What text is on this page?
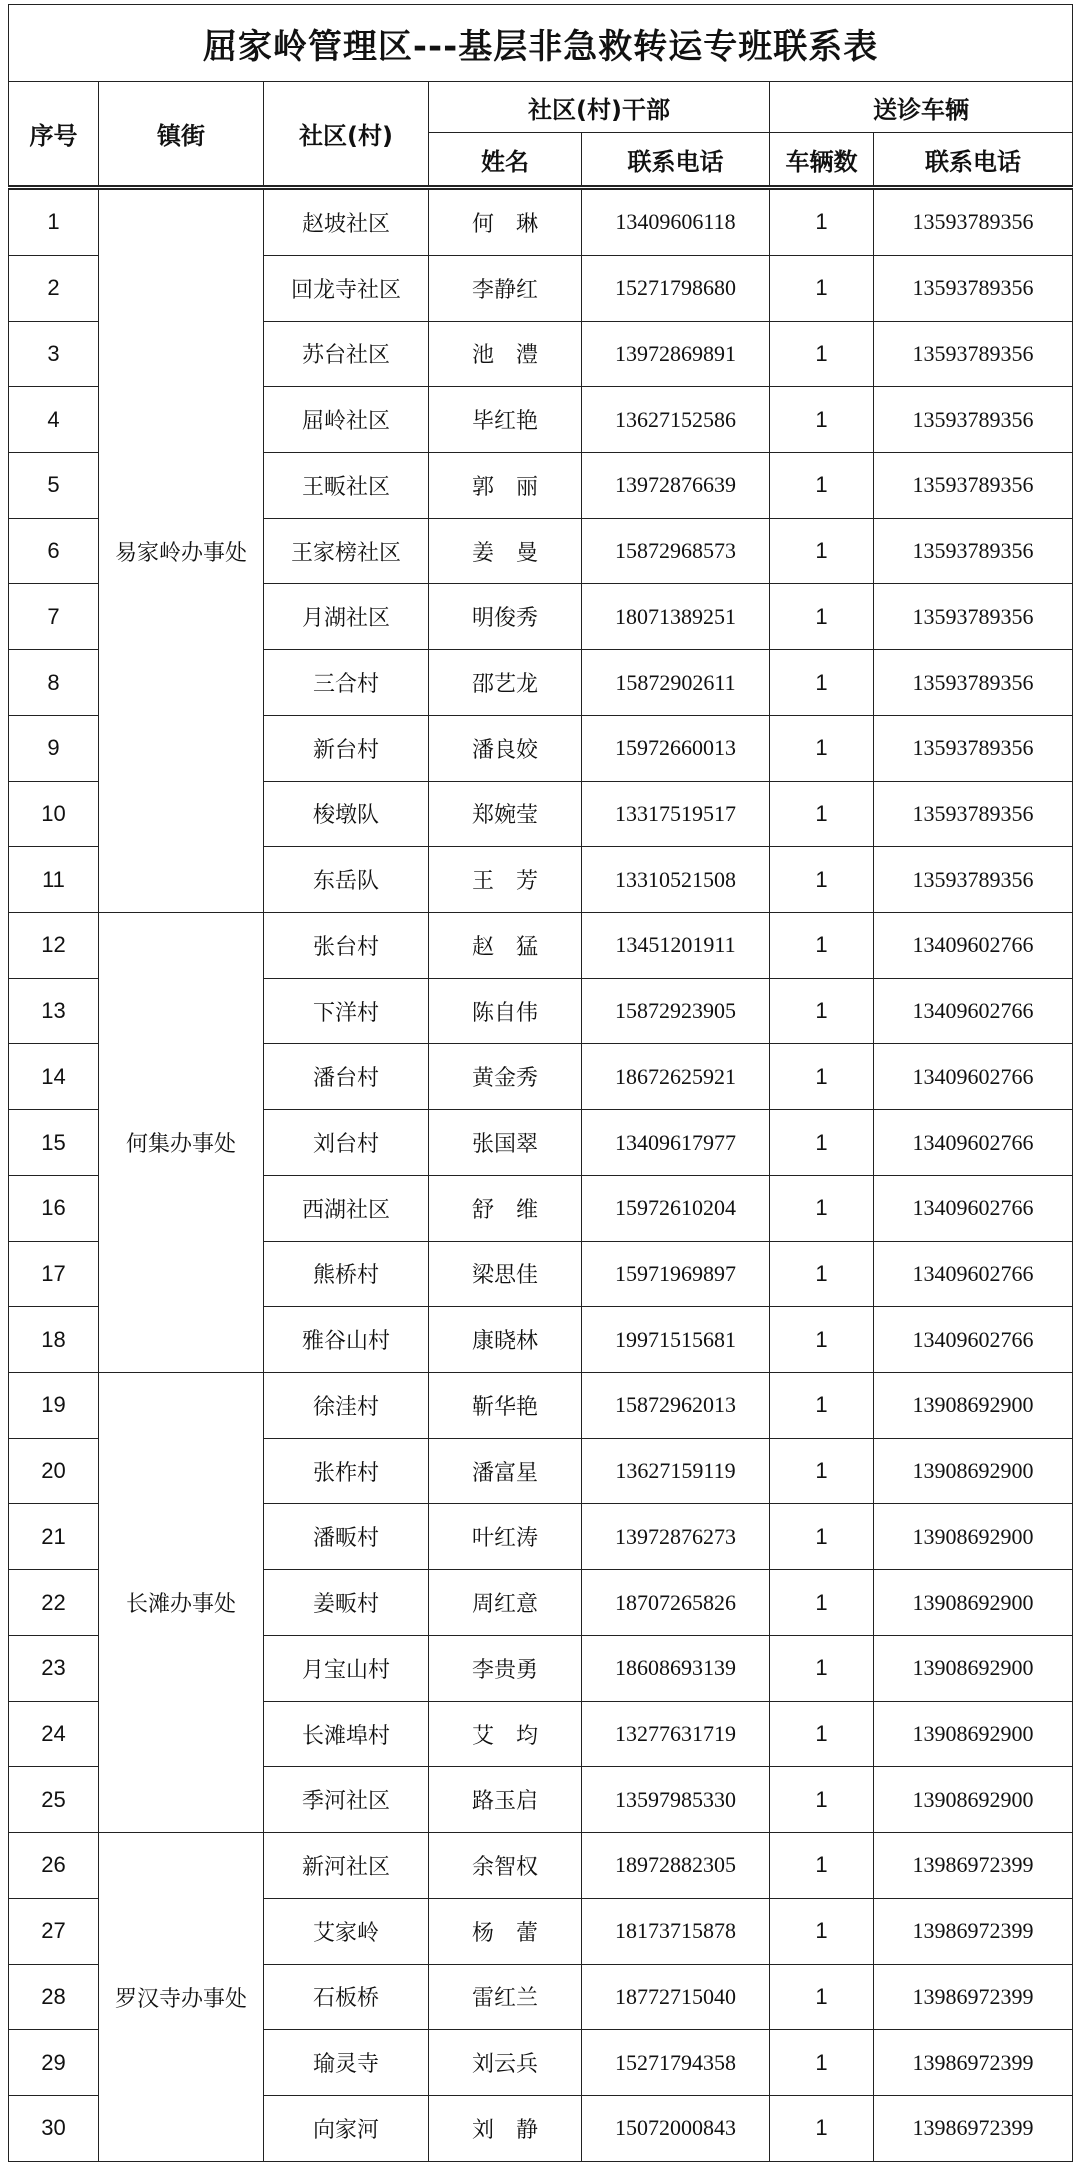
屈家岭管理区---基层非急救转运专班联系表						
序号	镇街	社区(村)	社区(村)干部		送诊车辆	
			姓名	联系电话	车辆数	联系电话
1	易家岭办事处	赵坡社区	何　琳	13409606118	1	13593789356
2		回龙寺社区	李静红	15271798680	1	13593789356
3		苏台社区	池　澧	13972869891	1	13593789356
4		屈岭社区	毕红艳	13627152586	1	13593789356
5		王畈社区	郭　丽	13972876639	1	13593789356
6		王家榜社区	姜　曼	15872968573	1	13593789356
7		月湖社区	明俊秀	18071389251	1	13593789356
8		三合村	邵艺龙	15872902611	1	13593789356
9		新台村	潘良姣	15972660013	1	13593789356
10		梭墩队	郑婉莹	13317519517	1	13593789356
11		东岳队	王　芳	13310521508	1	13593789356
12	何集办事处	张台村	赵　猛	13451201911	1	13409602766
13		下洋村	陈自伟	15872923905	1	13409602766
14		潘台村	黄金秀	18672625921	1	13409602766
15		刘台村	张国翠	13409617977	1	13409602766
16		西湖社区	舒　维	15972610204	1	13409602766
17		熊桥村	梁思佳	15971969897	1	13409602766
18		雅谷山村	康晓林	19971515681	1	13409602766
19	长滩办事处	徐洼村	靳华艳	15872962013	1	13908692900
20		张柞村	潘富星	13627159119	1	13908692900
21		潘畈村	叶红涛	13972876273	1	13908692900
22		姜畈村	周红意	18707265826	1	13908692900
23		月宝山村	李贵勇	18608693139	1	13908692900
24		长滩埠村	艾　均	13277631719	1	13908692900
25		季河社区	路玉启	13597985330	1	13908692900
26	罗汉寺办事处	新河社区	余智权	18972882305	1	13986972399
27		艾家岭	杨　蕾	18173715878	1	13986972399
28		石板桥	雷红兰	18772715040	1	13986972399
29		瑜灵寺	刘云兵	15271794358	1	13986972399
30		向家河	刘　静	15072000843	1	13986972399
